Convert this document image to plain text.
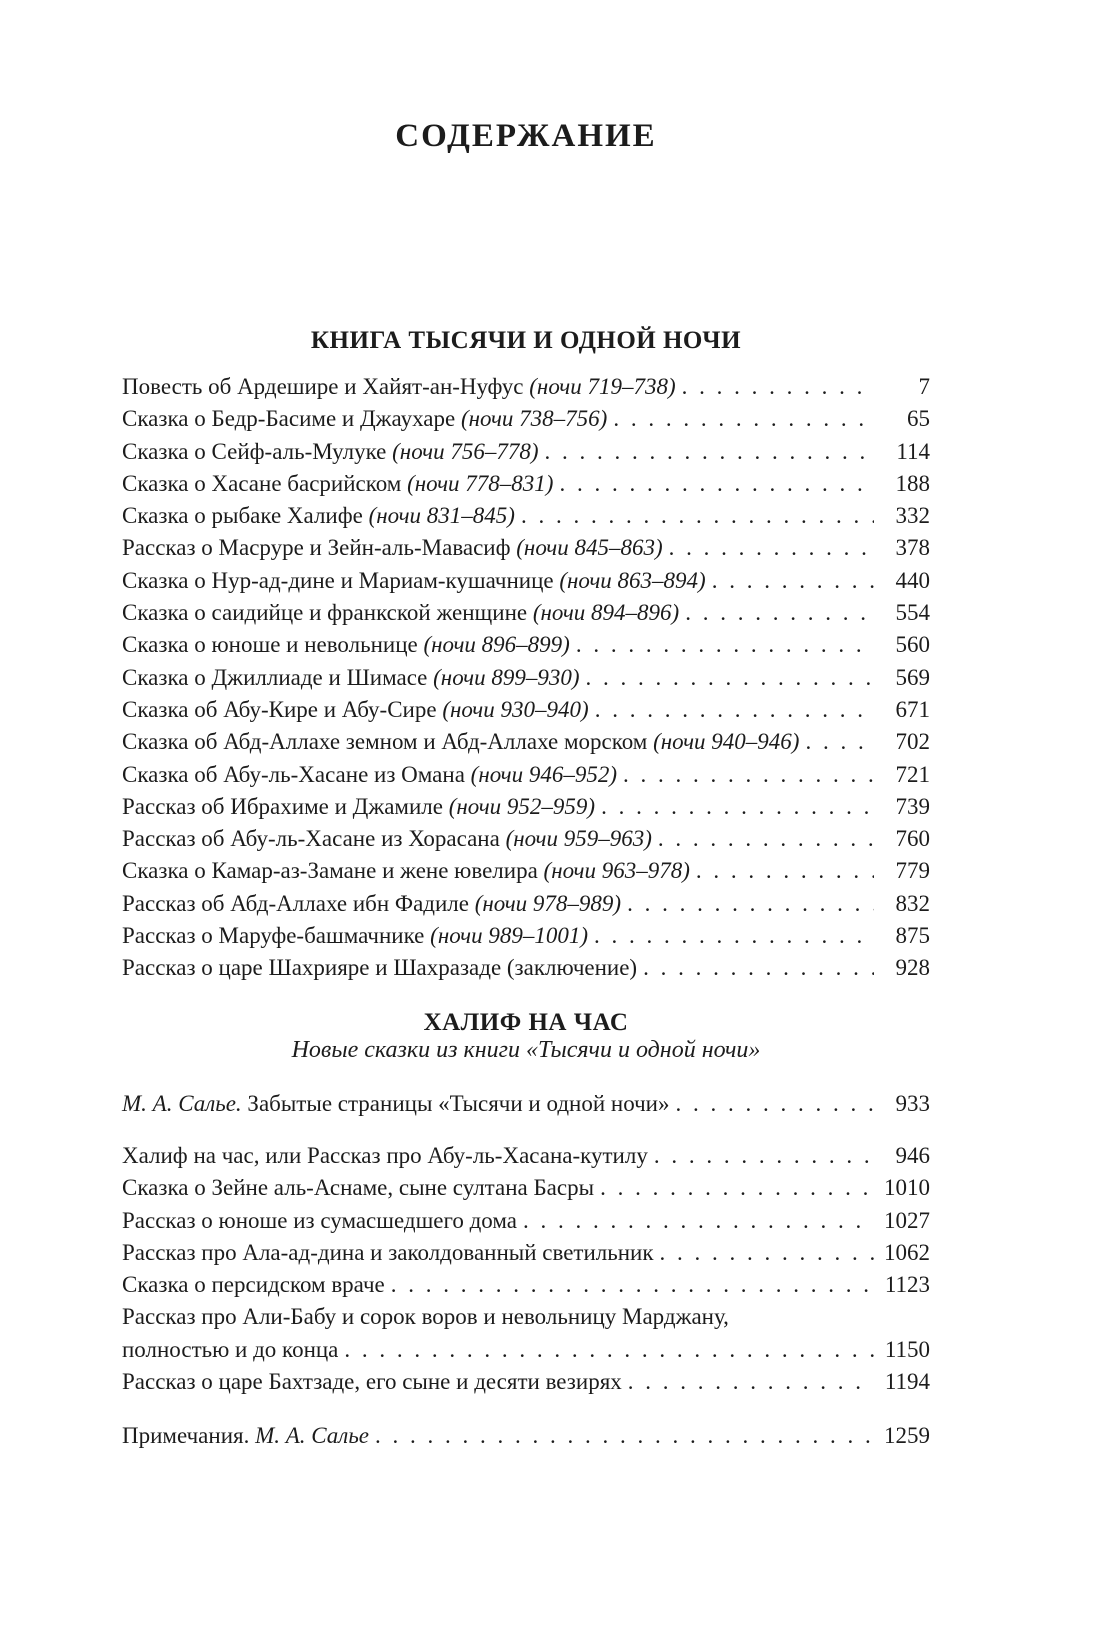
СОДЕРЖАНИЕ
КНИГА ТЫСЯЧИ И ОДНОЙ НОЧИ
Повесть об Ардешире и Хайят-ан-Нуфус (ночи 719–738) . . .	7
Сказка о Бедр-Басиме и Джаухаре (ночи 738–756) . . .	65
Сказка о Сейф-аль-Мулуке (ночи 756–778) . . .	114
Сказка о Хасане басрийском (ночи 778–831) . . .	188
Сказка о рыбаке Халифе (ночи 831–845) . . .	332
Рассказ о Масруре и Зейн-аль-Мавасиф (ночи 845–863) . . .	378
Сказка о Нур-ад-дине и Мариам-кушачнице (ночи 863–894) . . .	440
Сказка о саидийце и франкской женщине (ночи 894–896) . . .	554
Сказка о юноше и невольнице (ночи 896–899) . . .	560
Сказка о Джиллиаде и Шимасе (ночи 899–930) . . .	569
Сказка об Абу-Кире и Абу-Сире (ночи 930–940) . . .	671
Сказка об Абд-Аллахе земном и Абд-Аллахе морском (ночи 940–946) . . .	702
Сказка об Абу-ль-Хасане из Омана (ночи 946–952) . . .	721
Рассказ об Ибрахиме и Джамиле (ночи 952–959) . . .	739
Рассказ об Абу-ль-Хасане из Хорасана (ночи 959–963) . . .	760
Сказка о Камар-аз-Замане и жене ювелира (ночи 963–978) . . .	779
Рассказ об Абд-Аллахе ибн Фадиле (ночи 978–989) . . .	832
Рассказ о Маруфе-башмачнике (ночи 989–1001) . . .	875
Рассказ о царе Шахрияре и Шахразаде (заключение) . . .	928
ХАЛИФ НА ЧАС
Новые сказки из книги «Тысячи и одной ночи»
М. А. Салье. Забытые страницы «Тысячи и одной ночи» . . .	933
Халиф на час, или Рассказ про Абу-ль-Хасана-кутилу . . .	946
Сказка о Зейне аль-Аснаме, сыне султана Басры . . .	1010
Рассказ о юноше из сумасшедшего дома . . .	1027
Рассказ про Ала-ад-дина и заколдованный светильник . . .	1062
Сказка о персидском враче . . .	1123
Рассказ про Али-Бабу и сорок воров и невольницу Марджану,
полностью и до конца . . .	1150
Рассказ о царе Бахтзаде, его сыне и десяти везирях . . .	1194
Примечания. М. А. Салье . . .	1259
